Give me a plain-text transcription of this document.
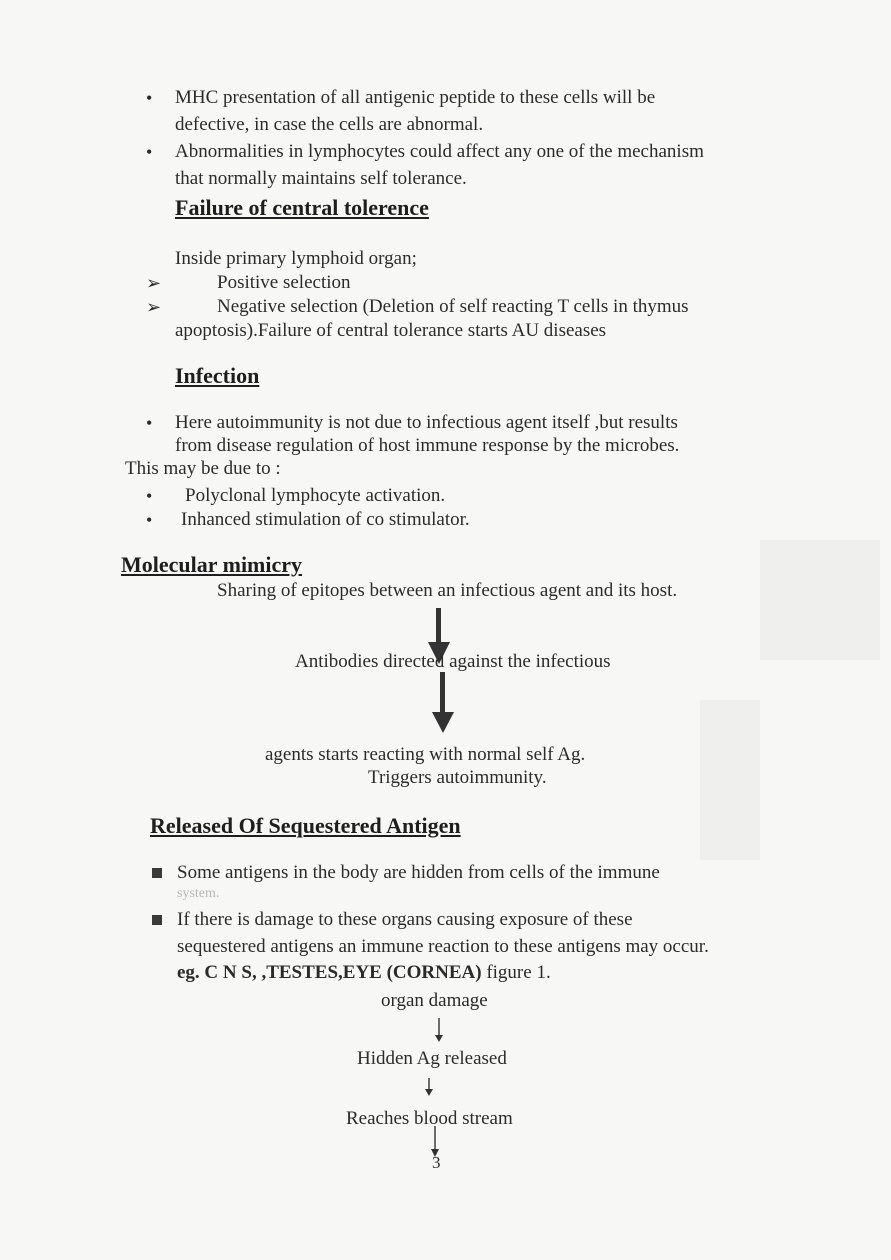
• MHC presentation of all antigenic peptide to these cells will be
defective, in case the cells are abnormal.
• Abnormalities in lymphocytes could affect any one of the mechanism
that normally maintains self tolerance.
Failure of central tolerence
Inside primary lymphoid organ;
➢	Positive selection
➢	Negative selection (Deletion of self reacting T cells in thymus
apoptosis).Failure of central tolerance starts AU diseases
Infection
• Here autoimmunity is not due to infectious agent itself ,but results
from disease regulation of host immune response by the microbes.
This may be due to :
• Polyclonal lymphocyte activation.
• Inhanced stimulation of co stimulator.
Molecular mimicry
Sharing of epitopes between an infectious agent and its host.
Antibodies directed against the infectious
agents starts reacting with normal self Ag.
Triggers autoimmunity.
Released Of Sequestered Antigen
Some antigens in the body are hidden from cells of the immune
system.
If there is damage to these organs causing exposure of these
sequestered antigens an immune reaction to these antigens may occur.
eg. C N S, ,TESTES,EYE (CORNEA) figure 1.
organ damage
Hidden Ag released
Reaches blood stream
3
